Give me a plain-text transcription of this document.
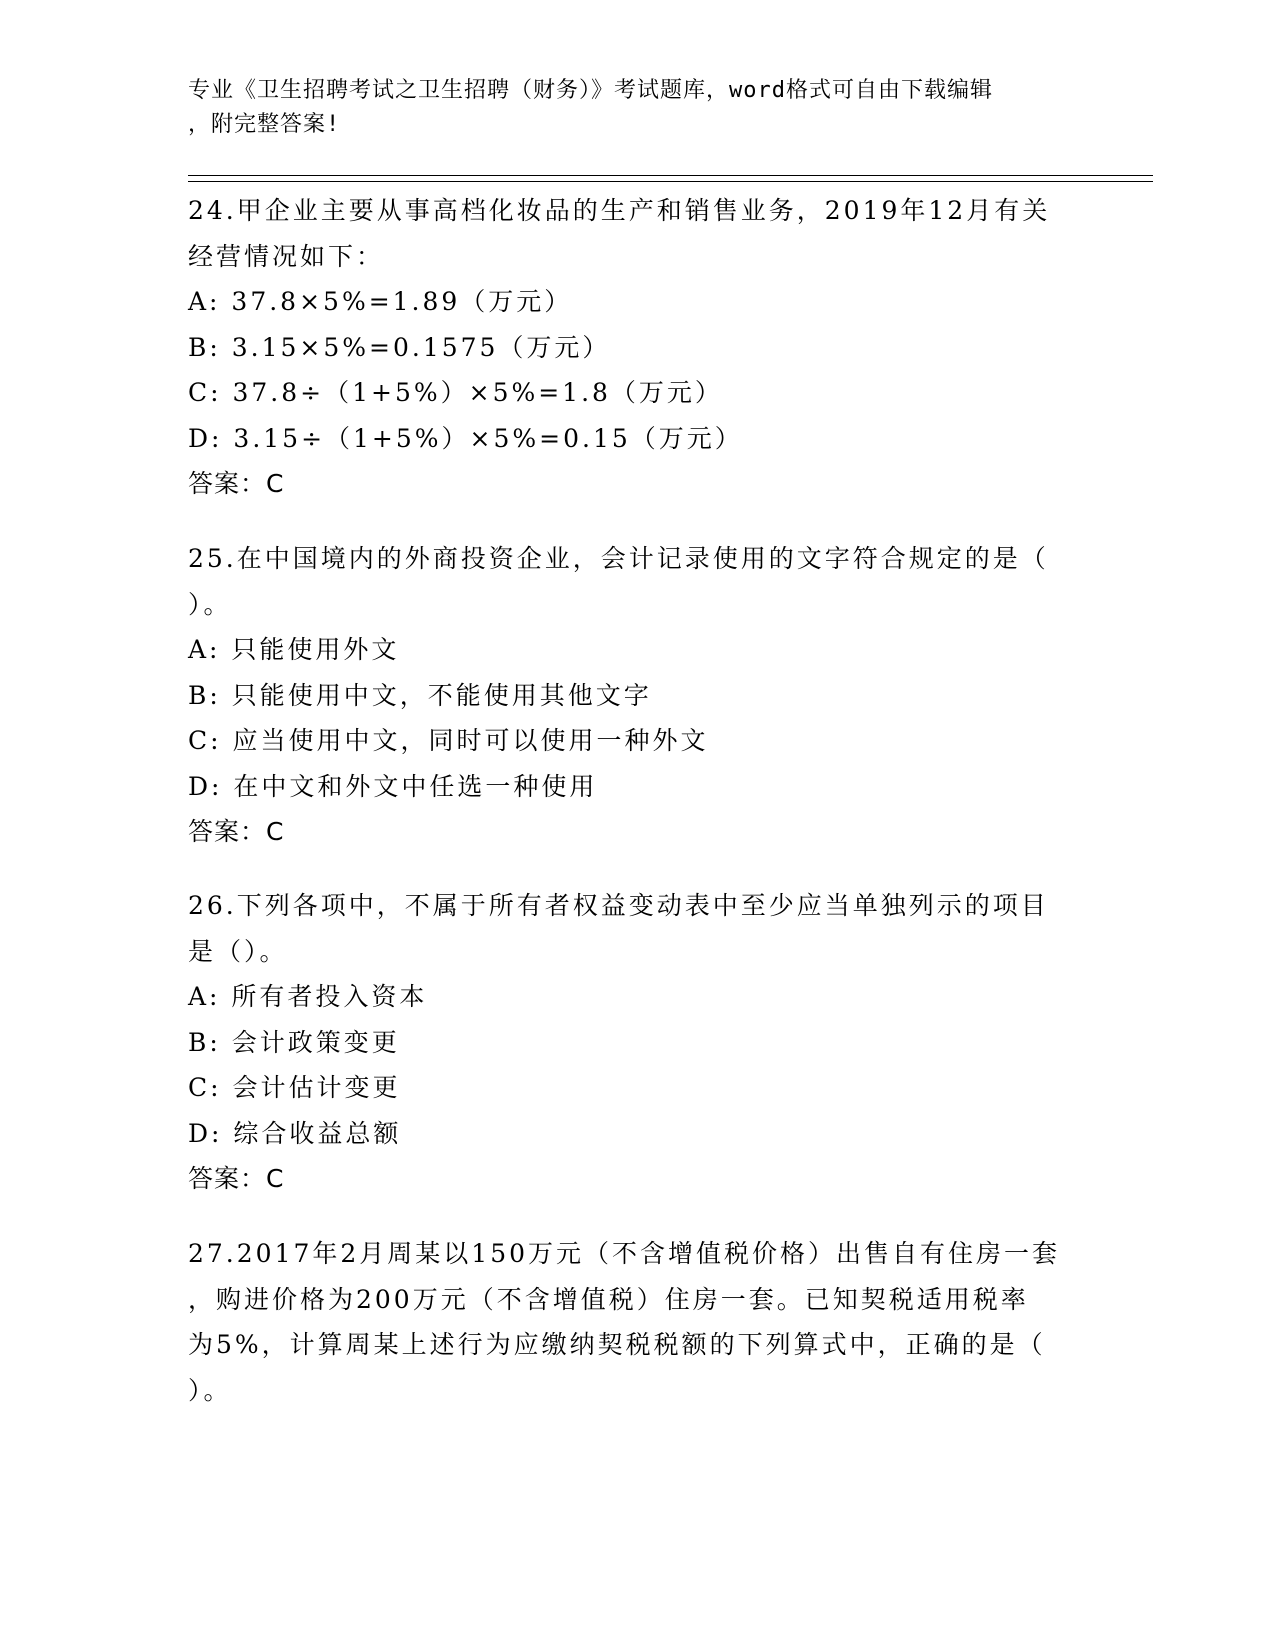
专业《卫生招聘考试之卫生招聘（财务）》考试题库，word格式可自由下载编辑
，附完整答案!
24.甲企业主要从事高档化妆品的生产和销售业务，2019年12月有关
经营情况如下：
A: 37.8×5%=1.89（万元）
B: 3.15×5%=0.1575（万元）
C: 37.8÷（1+5%）×5%=1.8（万元）
D: 3.15÷（1+5%）×5%=0.15（万元）
答案：C
25.在中国境内的外商投资企业，会计记录使用的文字符合规定的是（
）。
A: 只能使用外文
B: 只能使用中文，不能使用其他文字
C: 应当使用中文，同时可以使用一种外文
D: 在中文和外文中任选一种使用
答案：C
26.下列各项中，不属于所有者权益变动表中至少应当单独列示的项目
是（）。
A: 所有者投入资本
B: 会计政策变更
C: 会计估计变更
D: 综合收益总额
答案：C
27.2017年2月周某以150万元（不含增值税价格）出售自有住房一套
，购进价格为200万元（不含增值税）住房一套。已知契税适用税率
为5%，计算周某上述行为应缴纳契税税额的下列算式中，正确的是（
）。
